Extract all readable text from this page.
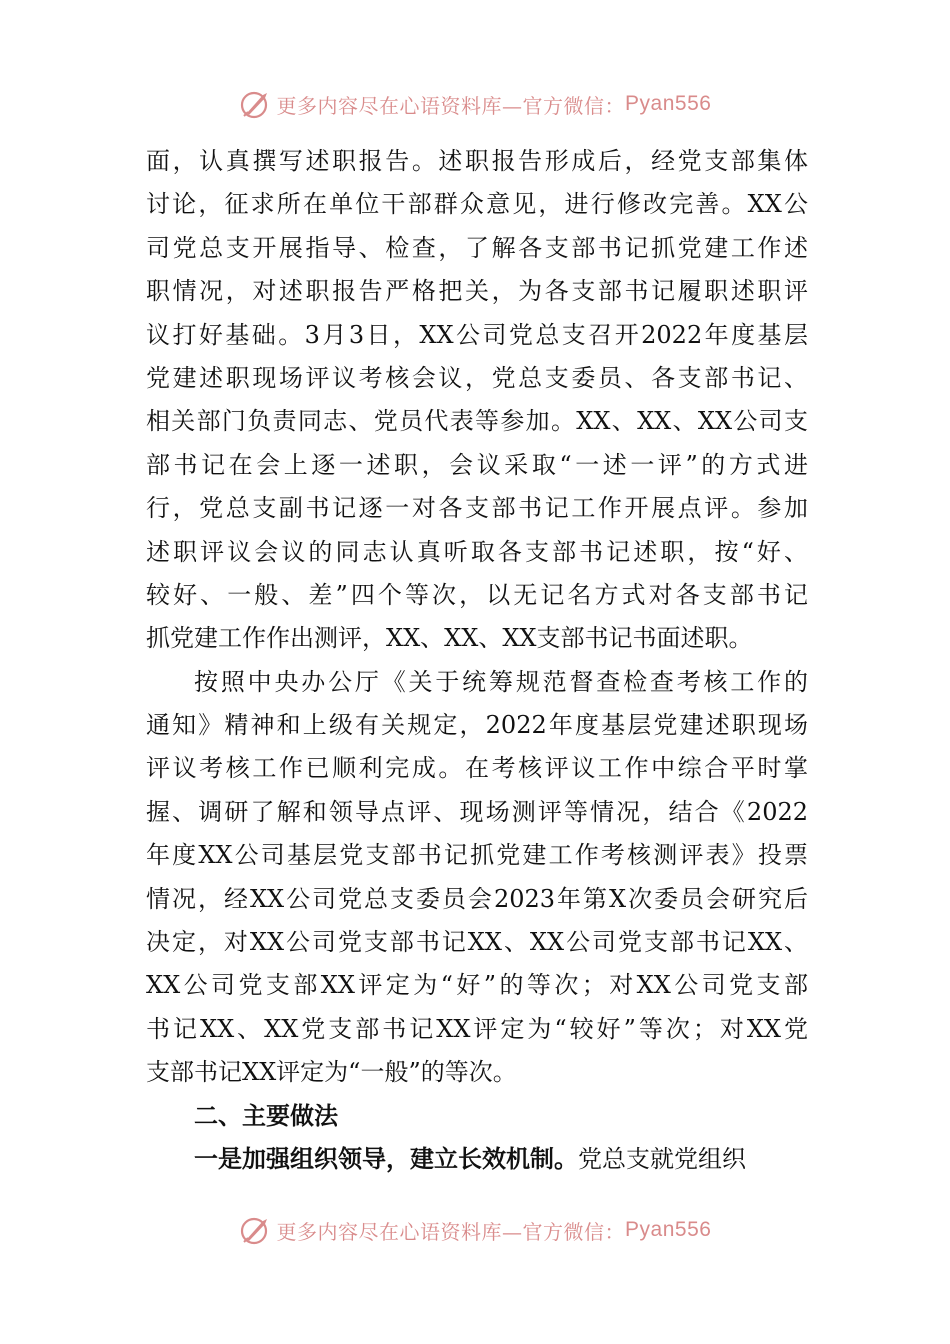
更多内容尽在心语资料库—官方微信： Pyan556
面，认真撰写述职报告。述职报告形成后，经党支部集体
讨论，征求所在单位干部群众意见，进行修改完善。XX公
司党总支开展指导、检查，了解各支部书记抓党建工作述
职情况，对述职报告严格把关，为各支部书记履职述职评
议打好基础。3月3日，XX公司党总支召开2022年度基层
党建述职现场评议考核会议，党总支委员、各支部书记、
相关部门负责同志、党员代表等参加。XX、XX、XX公司支
部书记在会上逐一述职，会议采取“一述一评”的方式进
行，党总支副书记逐一对各支部书记工作开展点评。参加
述职评议会议的同志认真听取各支部书记述职，按“好、
较好、一般、差”四个等次，以无记名方式对各支部书记
抓党建工作作出测评，XX、XX、XX支部书记书面述职。
按照中央办公厅《关于统筹规范督查检查考核工作的
通知》精神和上级有关规定，2022年度基层党建述职现场
评议考核工作已顺利完成。在考核评议工作中综合平时掌
握、调研了解和领导点评、现场测评等情况，结合《2022
年度XX公司基层党支部书记抓党建工作考核测评表》投票
情况，经XX公司党总支委员会2023年第X次委员会研究后
决定，对XX公司党支部书记XX、XX公司党支部书记XX、
XX公司党支部XX评定为“好”的等次；对XX公司党支部
书记XX、XX党支部书记XX评定为“较好”等次；对XX党
支部书记XX评定为“一般”的等次。
二、主要做法
一是加强组织领导，建立长效机制。党总支就党组织
更多内容尽在心语资料库—官方微信： Pyan556
